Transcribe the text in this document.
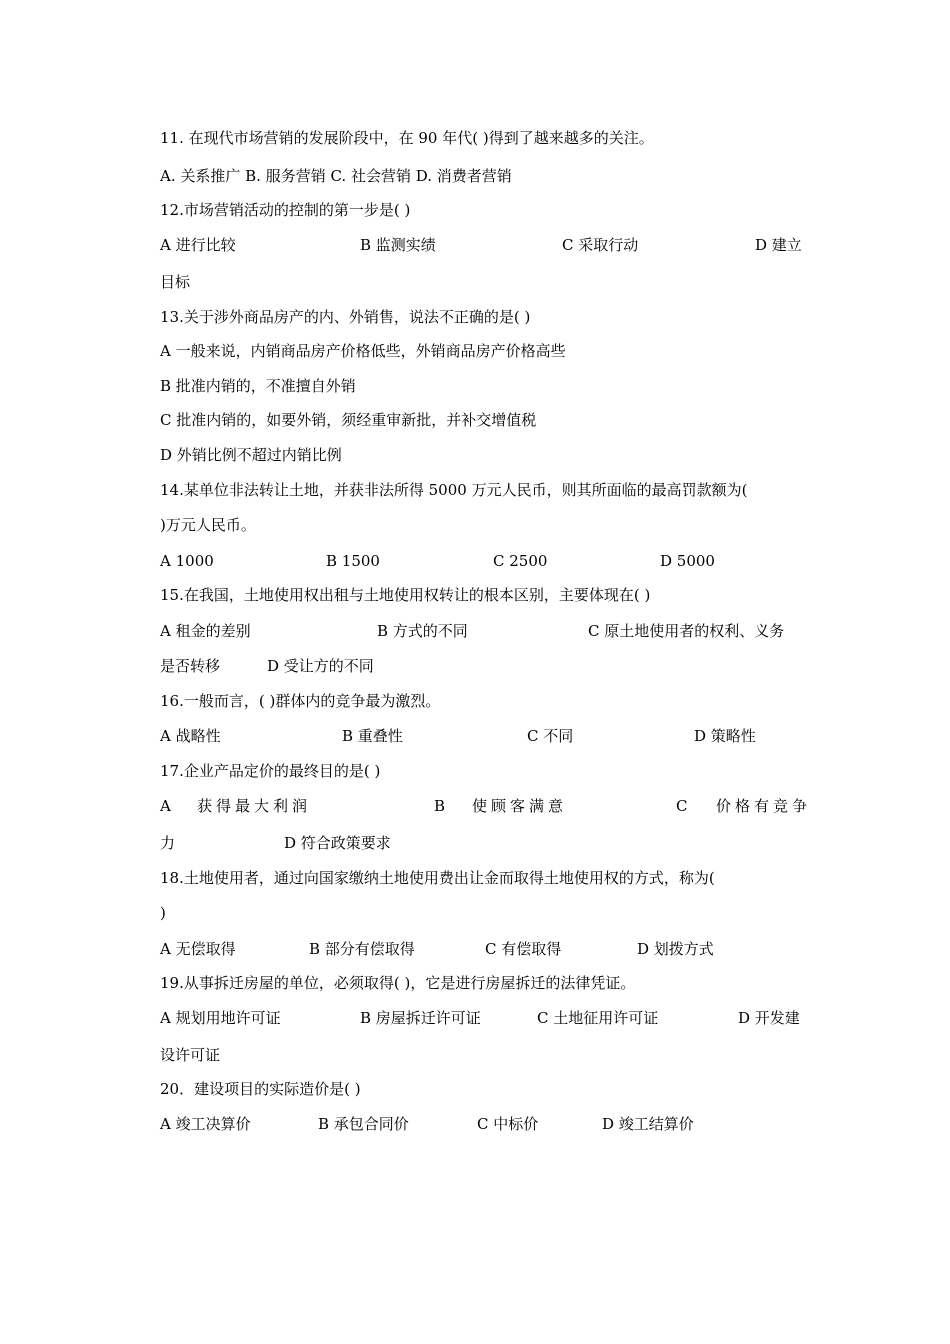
11. 在现代市场营销的发展阶段中，在 90 年代( )得到了越来越多的关注。
A. 关系推广 B. 服务营销 C. 社会营销 D. 消费者营销
12.市场营销活动的控制的第一步是( )
A 进行比较	B 监测实绩	C 采取行动	D 建立
目标
13.关于涉外商品房产的内、外销售，说法不正确的是( )
A 一般来说，内销商品房产价格低些，外销商品房产价格高些
B 批准内销的，不准擅自外销
C 批准内销的，如要外销，须经重审新批，并补交增值税
D 外销比例不超过内销比例
14.某单位非法转让土地，并获非法所得 5000 万元人民币，则其所面临的最高罚款额为(
)万元人民币。
A 1000	B 1500	C 2500	D 5000
15.在我国，土地使用权出租与土地使用权转让的根本区别，主要体现在( )
A 租金的差别	B 方式的不同	C 原土地使用者的权利、义务
是否转移	D 受让方的不同
16.一般而言，( )群体内的竞争最为激烈。
A 战略性	B 重叠性	C 不同	D 策略性
17.企业产品定价的最终目的是( )
A 获得最大利润	B 使顾客满意	C 价格有竞争
力	D 符合政策要求
18.土地使用者，通过向国家缴纳土地使用费出让金而取得土地使用权的方式，称为(
)
A 无偿取得	B 部分有偿取得	C 有偿取得	D 划拨方式
19.从事拆迁房屋的单位，必须取得( )，它是进行房屋拆迁的法律凭证。
A 规划用地许可证	B 房屋拆迁许可证	C 土地征用许可证	D 开发建
设许可证
20．建设项目的实际造价是( )
A 竣工决算价	B 承包合同价	C 中标价	D 竣工结算价
